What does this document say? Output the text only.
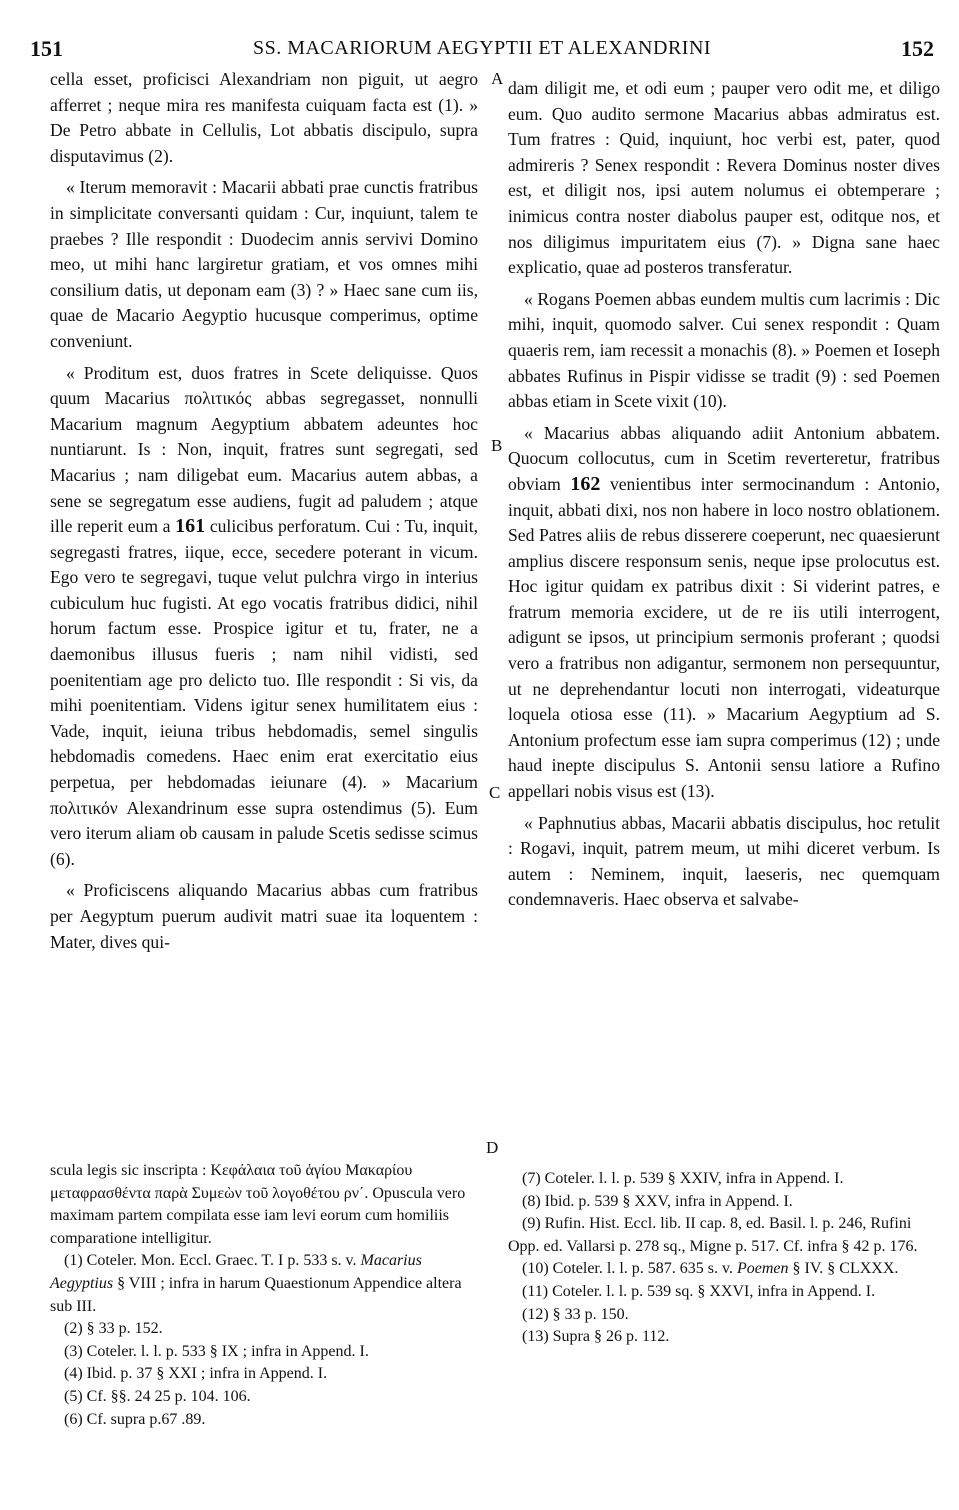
151	SS. MACARIORUM AEGYPTII ET ALEXANDRINI	152
A
B
C
D

cella esset, proficisci Alexandriam non piguit, ut aegro afferret ; neque mira res manifesta cuiquam facta est (1). » De Petro abbate in Cellulis, Lot abbatis discipulo, supra disputavimus (2).

« Iterum memoravit : Macarii abbati prae cunctis fratribus in simplicitate conversanti quidam : Cur, inquiunt, talem te praebes ? Ille respondit : Duodecim annis servivi Domino meo, ut mihi hanc largiretur gratiam, et vos omnes mihi consilium datis, ut deponam eam (3) ? » Haec sane cum iis, quae de Macario Aegyptio hucusque comperimus, optime conveniunt.

« Proditum est, duos fratres in Scete deliquisse. Quos quum Macarius πολιτικός abbas segregasset, nonnulli Macarium magnum Aegyptium abbatem adeuntes hoc nuntiarunt. Is : Non, inquit, fratres sunt segregati, sed Macarius ; nam diligebat eum. Macarius autem abbas, a sene se segregatum esse audiens, fugit ad paludem ; atque ille reperit eum a 161 culicibus perforatum. Cui : Tu, inquit, segregasti fratres, iique, ecce, secedere poterant in vicum. Ego vero te segregavi, tuque velut pulchra virgo in interius cubiculum huc fugisti. At ego vocatis fratribus didici, nihil horum factum esse. Prospice igitur et tu, frater, ne a daemonibus illusus fueris ; nam nihil vidisti, sed poenitentiam age pro delicto tuo. Ille respondit : Si vis, da mihi poenitentiam. Videns igitur senex humilitatem eius : Vade, inquit, ieiuna tribus hebdomadis, semel singulis hebdomadis comedens. Haec enim erat exercitatio eius perpetua, per hebdomadas ieiunare (4). » Macarium πολιτικόν Alexandrinum esse supra ostendimus (5). Eum vero iterum aliam ob causam in palude Scetis sedisse scimus (6).

« Proficiscens aliquando Macarius abbas cum fratribus per Aegyptum puerum audivit matri suae ita loquentem : Mater, dives qui-

dam diligit me, et odi eum ; pauper vero odit me, et diligo eum. Quo audito sermone Macarius abbas admiratus est. Tum fratres : Quid, inquiunt, hoc verbi est, pater, quod admireris ? Senex respondit : Revera Dominus noster dives est, et diligit nos, ipsi autem nolumus ei obtemperare ; inimicus contra noster diabolus pauper est, oditque nos, et nos diligimus impuritatem eius (7). » Digna sane haec explicatio, quae ad posteros transferatur.

« Rogans Poemen abbas eundem multis cum lacrimis : Dic mihi, inquit, quomodo salver. Cui senex respondit : Quam quaeris rem, iam recessit a monachis (8). » Poemen et Ioseph abbates Rufinus in Pispir vidisse se tradit (9) : sed Poemen abbas etiam in Scete vixit (10).

« Macarius abbas aliquando adiit Antonium abbatem. Quocum collocutus, cum in Scetim reverteretur, fratribus obviam 162 venientibus inter sermocinandum : Antonio, inquit, abbati dixi, nos non habere in loco nostro oblationem. Sed Patres aliis de rebus disserere coeperunt, nec quaesierunt amplius discere responsum senis, neque ipse prolocutus est. Hoc igitur quidam ex patribus dixit : Si viderint patres, e fratrum memoria excidere, ut de re iis utili interrogent, adigunt se ipsos, ut principium sermonis proferant ; quodsi vero a fratribus non adigantur, sermonem non persequuntur, ut ne deprehendantur locuti non interrogati, videaturque loquela otiosa esse (11). » Macarium Aegyptium ad S. Antonium profectum esse iam supra comperimus (12) ; unde haud inepte discipulus S. Antonii sensu latiore a Rufino appellari nobis visus est (13).

« Paphnutius abbas, Macarii abbatis discipulus, hoc retulit : Rogavi, inquit, patrem meum, ut mihi diceret verbum. Is autem : Neminem, inquit, laeseris, nec quemquam condemnaveris. Haec observa et salvabe-

scula legis sic inscripta : Κεφάλαια τοῦ ἁγίου Μακαρίου μεταφρασθέντα παρὰ Συμεὼν τοῦ λογοθέτου ρν΄. Opuscula vero maximam partem compilata esse iam levi eorum cum homiliis comparatione intelligitur.

(1) Coteler. Mon. Eccl. Graec. T. I p. 533 s. v. Macarius Aegyptius § VIII ; infra in harum Quaestionum Appendice altera sub III.

(2) § 33 p. 152.

(3) Coteler. l. l. p. 533 § IX ; infra in Append. I.

(4) Ibid. p. 37 § XXI ; infra in Append. I.

(5) Cf. §§. 24 25 p. 104. 106.

(6) Cf. supra p.67 .89.

(7) Coteler. l. l. p. 539 § XXIV, infra in Append. I.

(8) Ibid. p. 539 § XXV, infra in Append. I.

(9) Rufin. Hist. Eccl. lib. II cap. 8, ed. Basil. l. p. 246, Rufini Opp. ed. Vallarsi p. 278 sq., Migne p. 517. Cf. infra § 42 p. 176.

(10) Coteler. l. l. p. 587. 635 s. v. Poemen § IV. § CLXXX.

(11) Coteler. l. l. p. 539 sq. § XXVI, infra in Append. I.

(12) § 33 p. 150.

(13) Supra § 26 p. 112.
